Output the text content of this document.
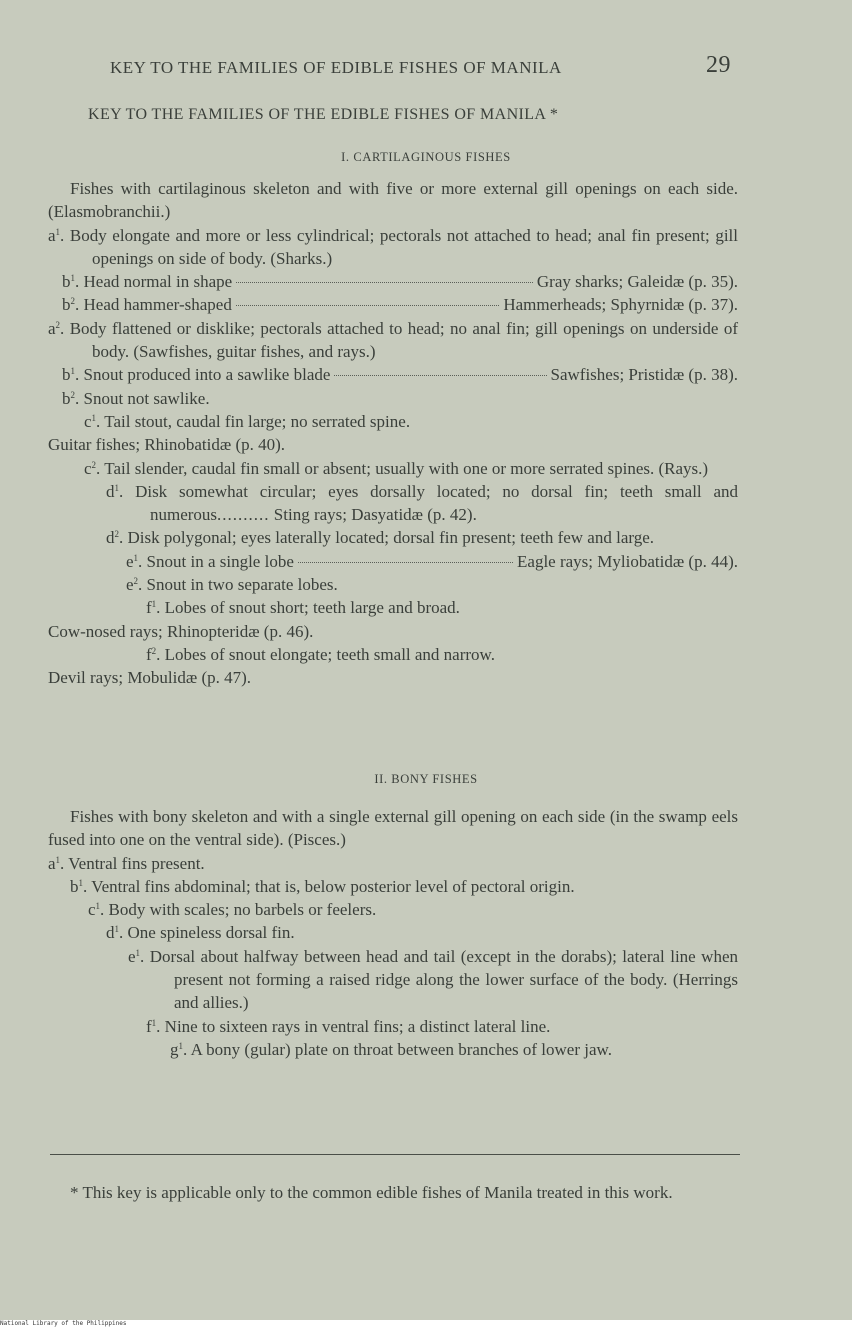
KEY TO THE FAMILIES OF EDIBLE FISHES OF MANILA	29
KEY TO THE FAMILIES OF THE EDIBLE FISHES OF MANILA *
I. CARTILAGINOUS FISHES

Fishes with cartilaginous skeleton and with five or more external gill openings on each side. (Elasmobranchii.)

$a^1$. Body elongate and more or less cylindrical; pectorals not attached to head; anal fin present; gill openings on side of body. (Sharks.)

$b^1$. Head normal in shape	Gray sharks; Galeidæ (p. 35).
$b^2$. Head hammer-shaped	Hammerheads; Sphyrnidæ (p. 37).

$a^2$. Body flattened or disklike; pectorals attached to head; no anal fin; gill openings on underside of body. (Sawfishes, guitar fishes, and rays.)

$b^1$. Snout produced into a sawlike blade	Sawfishes; Pristidæ (p. 38).

$b^2$. Snout not sawlike.

$c^1$. Tail stout, caudal fin large; no serrated spine.

Guitar fishes; Rhinobatidæ (p. 40).

$c^2$. Tail slender, caudal fin small or absent; usually with one or more serrated spines. (Rays.)

$d^1$. Disk somewhat circular; eyes dorsally located; no dorsal fin; teeth small and numerous.......... Sting rays; Dasyatidæ (p. 42).

$d^2$. Disk polygonal; eyes laterally located; dorsal fin present; teeth few and large.

$e^1$. Snout in a single lobe	Eagle rays; Myliobatidæ (p. 44).

$e^2$. Snout in two separate lobes.

$f^1$. Lobes of snout short; teeth large and broad.

Cow-nosed rays; Rhinopteridæ (p. 46).

$f^2$. Lobes of snout elongate; teeth small and narrow.

Devil rays; Mobulidæ (p. 47).

II. BONY FISHES

Fishes with bony skeleton and with a single external gill opening on each side (in the swamp eels fused into one on the ventral side). (Pisces.)

$a^1$. Ventral fins present.

$b^1$. Ventral fins abdominal; that is, below posterior level of pectoral origin.

$c^1$. Body with scales; no barbels or feelers.

$d^1$. One spineless dorsal fin.

$e^1$. Dorsal about halfway between head and tail (except in the dorabs); lateral line when present not forming a raised ridge along the lower surface of the body. (Herrings and allies.)

$f^1$. Nine to sixteen rays in ventral fins; a distinct lateral line.

$g^1$. A bony (gular) plate on throat between branches of lower jaw.

* This key is applicable only to the common edible fishes of Manila treated in this work.

National Library of the Philippines
